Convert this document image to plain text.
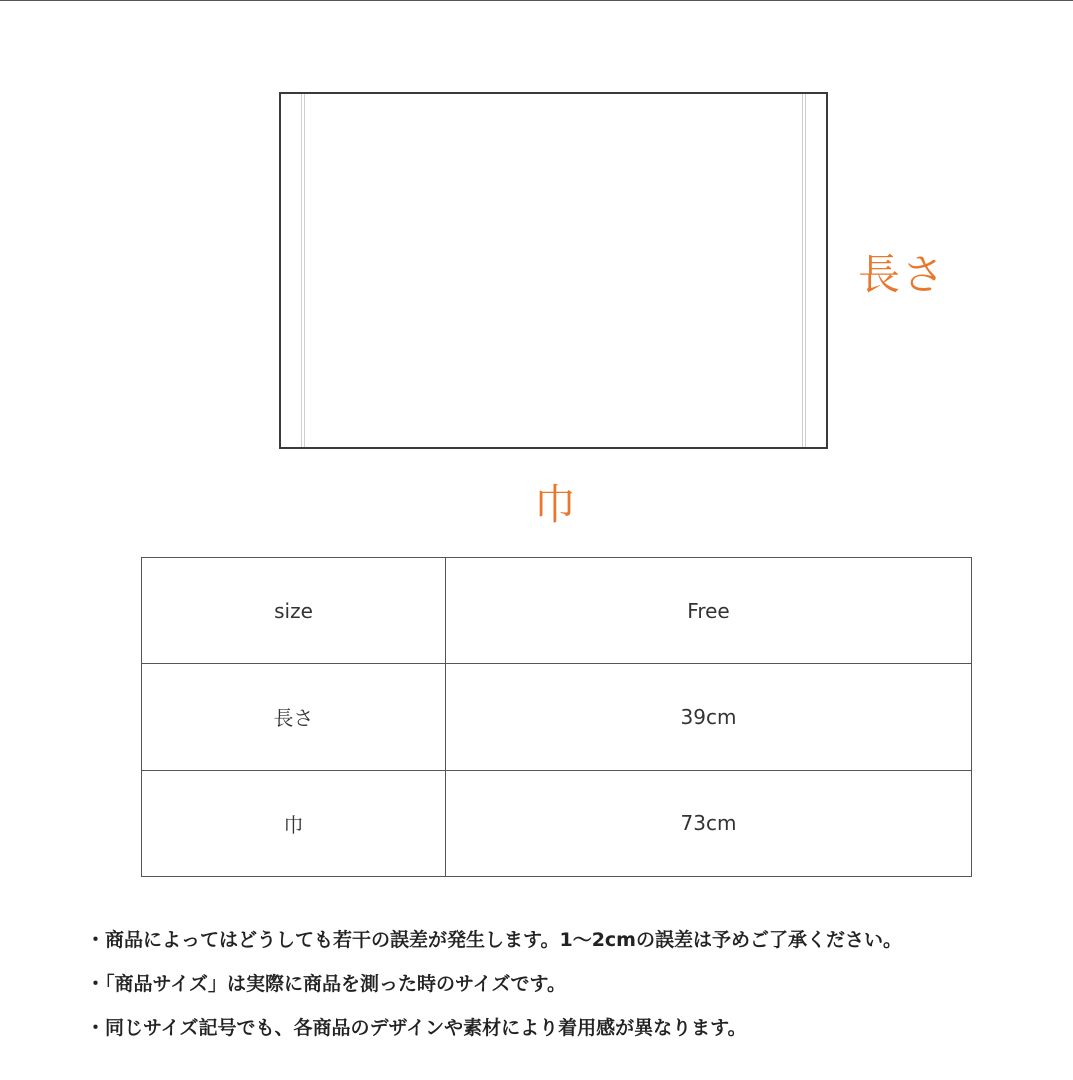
長さ
巾
size	Free
長さ	39cm
巾	73cm
・商品によってはどうしても若干の誤差が発生します。1〜2cmの誤差は予めご了承ください。
・「商品サイズ」は実際に商品を測った時のサイズです。
・同じサイズ記号でも、各商品のデザインや素材により着用感が異なります。
